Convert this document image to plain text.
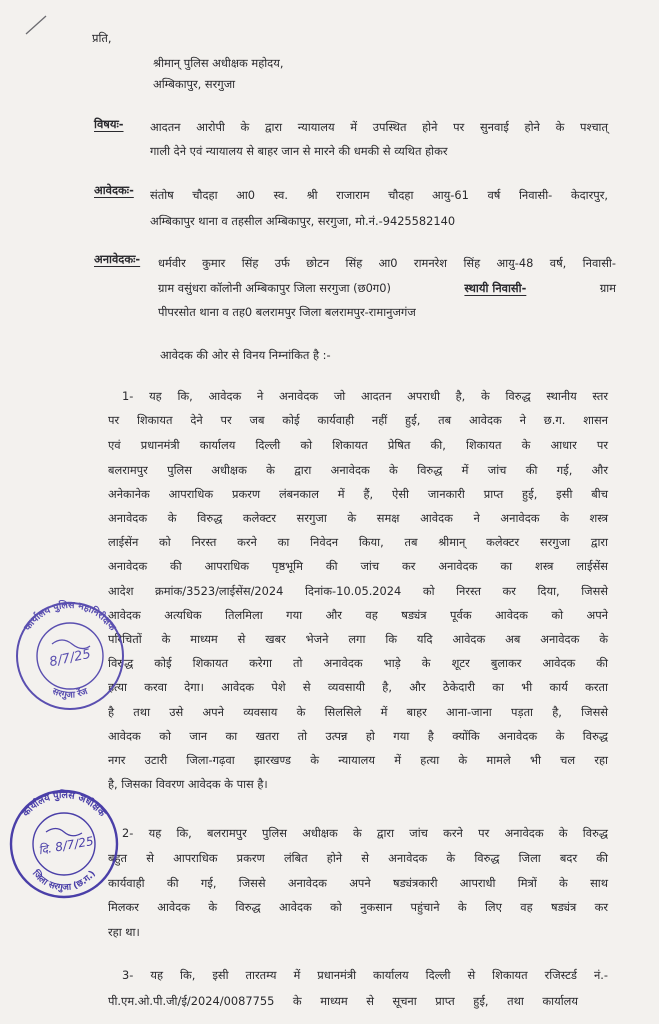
प्रति,
श्रीमान् पुलिस अधीक्षक महोदय,
अम्बिकापुर, सरगुजा
विषयः- आदतन आरोपी के द्वारा न्यायालय में उपस्थित होने पर सुनवाई होने के पश्चात्
गाली देने एवं न्यायालय से बाहर जान से मारने की धमकी से व्यथित होकर
आवेदकः- संतोष चौदहा आ0 स्व. श्री राजाराम चौदहा आयु-61 वर्ष निवासी- केदारपुर,
अम्बिकापुर थाना व तहसील अम्बिकापुर, सरगुजा, मो.नं.-9425582140
अनावेदकः- धर्मवीर कुमार सिंह उर्फ छोटन सिंह आ0 रामनरेश सिंह आयु-48 वर्ष, निवासी-
ग्राम वसुंधरा कॉलोनी अम्बिकापुर जिला सरगुजा (छ0ग0)	स्थायी निवासी-	ग्राम
पीपरसोत थाना व तह0 बलरामपुर जिला बलरामपुर-रामानुजगंज
आवेदक की ओर से विनय निम्नांकित है :-
1- यह कि, आवेदक ने अनावेदक जो आदतन अपराधी है, के विरुद्ध स्थानीय स्तर
पर शिकायत देने पर जब कोई कार्यवाही नहीं हुई, तब आवेदक ने छ.ग. शासन
एवं प्रधानमंत्री कार्यालय दिल्ली को शिकायत प्रेषित की, शिकायत के आधार पर
बलरामपुर पुलिस अधीक्षक के द्वारा अनावेदक के विरुद्ध में जांच की गई, और
अनेकानेक आपराधिक प्रकरण लंबनकाल में हैं, ऐसी जानकारी प्राप्त हुई, इसी बीच
अनावेदक के विरुद्ध कलेक्टर सरगुजा के समक्ष आवेदक ने अनावेदक के शस्त्र
लाईसेंन को निरस्त करने का निवेदन किया, तब श्रीमान् कलेक्टर सरगुजा द्वारा
अनावेदक की आपराधिक पृष्ठभूमि की जांच कर अनावेदक का शस्त्र लाईसेंस
आदेश क्रमांक/3523/लाईसेंस/2024 दिनांक-10.05.2024 को निरस्त कर दिया, जिससे
आवेदक अत्यधिक तिलमिला गया और वह षड्यंत्र पूर्वक आवेदक को अपने
परिचितों के माध्यम से खबर भेजने लगा कि यदि आवेदक अब अनावेदक के
विरुद्ध कोई शिकायत करेगा तो अनावेदक भाड़े के शूटर बुलाकर आवेदक की
हत्या करवा देगा। आवेदक पेशे से व्यवसायी है, और ठेकेदारी का भी कार्य करता
है तथा उसे अपने व्यवसाय के सिलसिले में बाहर आना-जाना पड़ता है, जिससे
आवेदक को जान का खतरा तो उत्पन्न हो गया है क्योंकि अनावेदक के विरुद्ध
नगर उटारी जिला-गढ़वा झारखण्ड के न्यायालय में हत्या के मामले भी चल रहा
है, जिसका विवरण आवेदक के पास है।
2- यह कि, बलरामपुर पुलिस अधीक्षक के द्वारा जांच करने पर अनावेदक के विरुद्ध
बहुत से आपराधिक प्रकरण लंबित होने से अनावेदक के विरुद्ध जिला बदर की
कार्यवाही की गई, जिससे अनावेदक अपने षड्यंत्रकारी आपराधी मित्रों के साथ
मिलकर आवेदक के विरुद्ध आवेदक को नुकसान पहुंचाने के लिए वह षड्यंत्र कर
रहा था।
3- यह कि, इसी तारतम्य में प्रधानमंत्री कार्यालय दिल्ली से शिकायत रजिस्टर्ड नं.-
पी.एम.ओ.पी.जी/ई/2024/0087755 के माध्यम से सूचना प्राप्त हुई, तथा कार्यालय
कार्यालय पुलिस महानिरीक्षक
सरगुजा रेंज
8/7/25
कार्यालय पुलिस अधीक्षक
जिला सरगुजा (छ.ग.)
दि. 8/7/25
